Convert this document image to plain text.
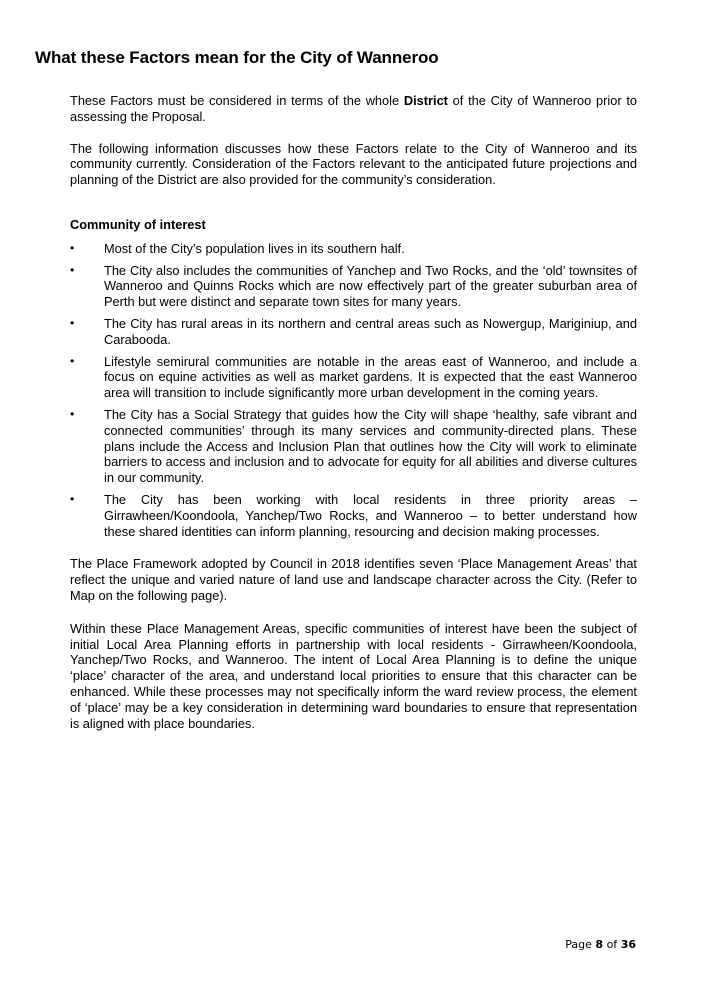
What these Factors mean for the City of Wanneroo

These Factors must be considered in terms of the whole District of the City of Wanneroo prior to assessing the Proposal.

The following information discusses how these Factors relate to the City of Wanneroo and its community currently. Consideration of the Factors relevant to the anticipated future projections and planning of the District are also provided for the community’s consideration.

Community of interest

•	Most of the City’s population lives in its southern half.
•	The City also includes the communities of Yanchep and Two Rocks, and the ‘old’ townsites of Wanneroo and Quinns Rocks which are now effectively part of the greater suburban area of Perth but were distinct and separate town sites for many years.
•	The City has rural areas in its northern and central areas such as Nowergup, Mariginiup, and Carabooda.
•	Lifestyle semirural communities are notable in the areas east of Wanneroo, and include a focus on equine activities as well as market gardens. It is expected that the east Wanneroo area will transition to include significantly more urban development in the coming years.
•	The City has a Social Strategy that guides how the City will shape ‘healthy, safe vibrant and connected communities’ through its many services and community-directed plans. These plans include the Access and Inclusion Plan that outlines how the City will work to eliminate barriers to access and inclusion and to advocate for equity for all abilities and diverse cultures in our community.
•	The City has been working with local residents in three priority areas – Girrawheen/Koondoola, Yanchep/Two Rocks, and Wanneroo – to better understand how these shared identities can inform planning, resourcing and decision making processes.

The Place Framework adopted by Council in 2018 identifies seven ‘Place Management Areas’ that reflect the unique and varied nature of land use and landscape character across the City. (Refer to Map on the following page).

Within these Place Management Areas, specific communities of interest have been the subject of initial Local Area Planning efforts in partnership with local residents - Girrawheen/Koondoola, Yanchep/Two Rocks, and Wanneroo. The intent of Local Area Planning is to define the unique ‘place’ character of the area, and understand local priorities to ensure that this character can be enhanced. While these processes may not specifically inform the ward review process, the element of ‘place’ may be a key consideration in determining ward boundaries to ensure that representation is aligned with place boundaries.

Page 8 of 36
